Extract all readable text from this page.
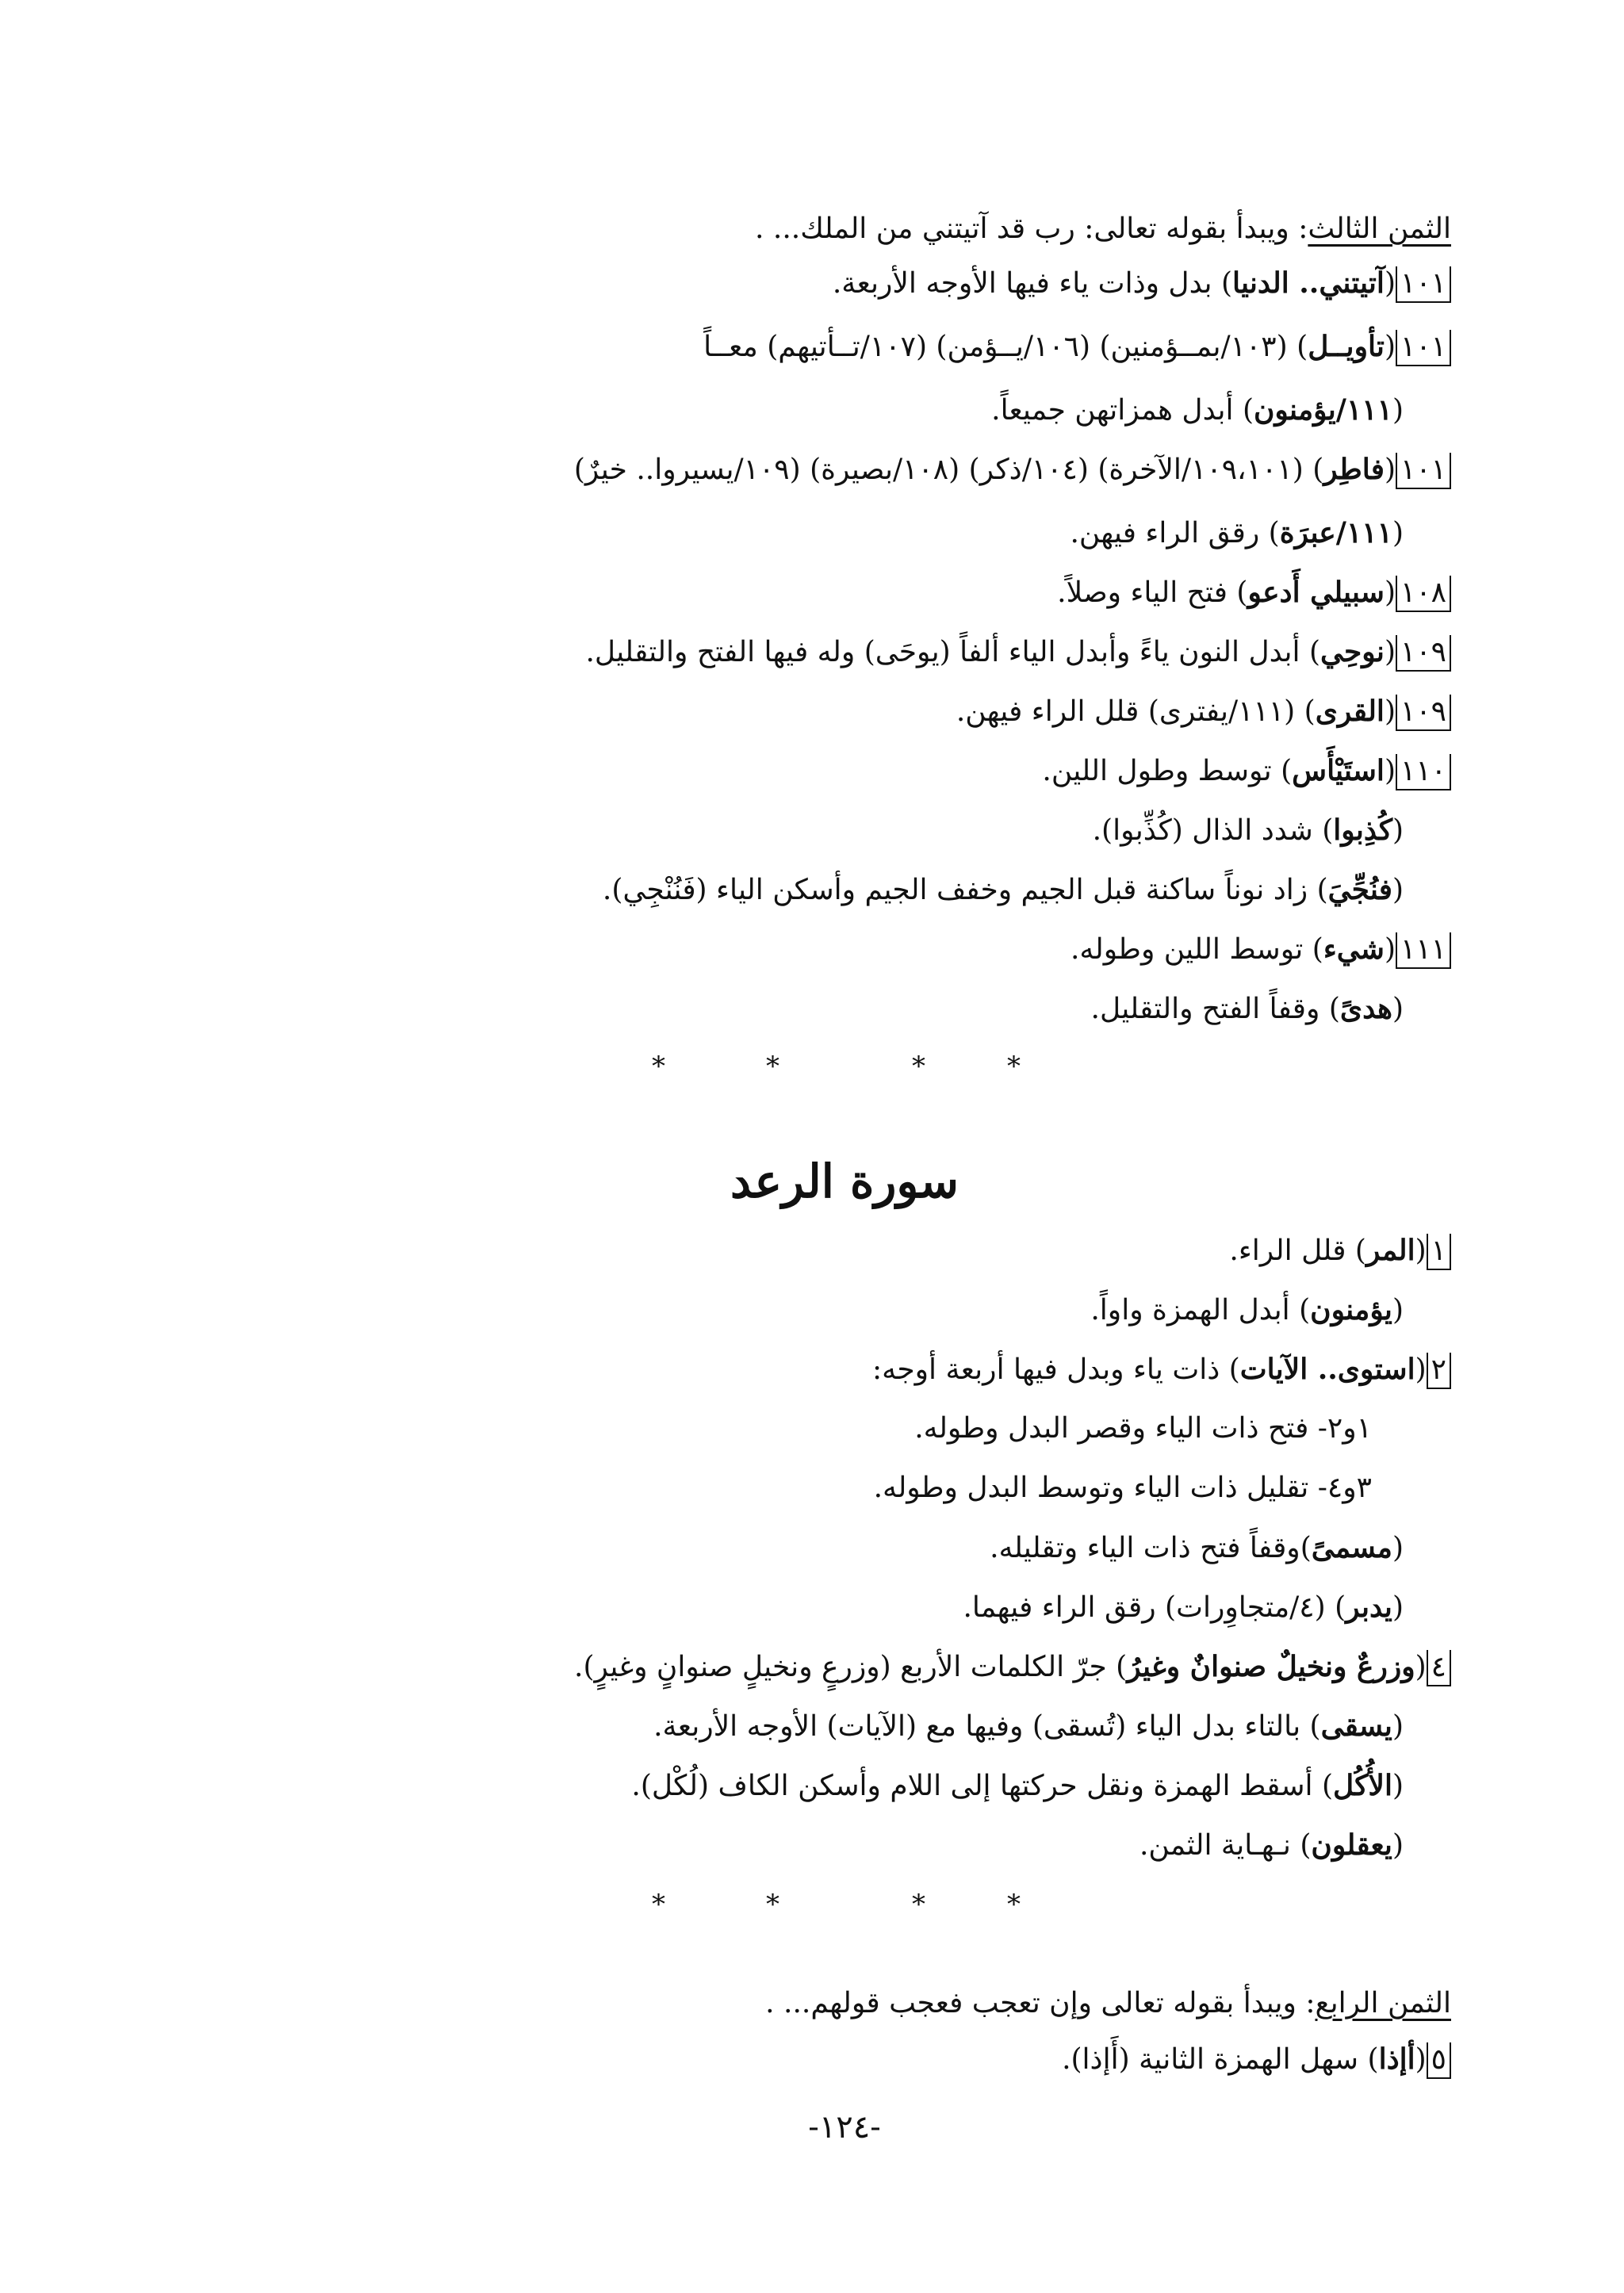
الثمن الثالث: ويبدأ بقوله تعالى: رب قد آتيتني من الملك... .
١٠١(آتيتني.. الدنيا) بدل وذات ياء فيها الأوجه الأربعة.
١٠١(تأويــل) (١٠٣/بمــؤمنين) (١٠٦/يــؤمن) (١٠٧/تــأتيهم) معــاً
(١١١/يؤمنون) أبدل همزاتهن جميعاً.
١٠١(فاطِر) (١٠٩،١٠١/الآخرة) (١٠٤/ذكر) (١٠٨/بصيرة) (١٠٩/يسيروا.. خيرٌ)
(١١١/عبرَة) رقق الراء فيهن.
١٠٨(سبيلي أَدعو) فتح الياء وصلاً.
١٠٩(نوحِي) أبدل النون ياءً وأبدل الياء ألفاً (يوحَى) وله فيها الفتح والتقليل.
١٠٩(القرى) (١١١/يفترى) قلل الراء فيهن.
١١٠(استَيْأَس) توسط وطول اللين.
(كُذِبوا) شدد الذال (كُذِّبوا).
(فنُجِّيَ) زاد نوناً ساكنة قبل الجيم وخفف الجيم وأسكن الياء (فَنُنْجِي).
١١١(شيء) توسط اللين وطوله.
(هدىً) وقفاً الفتح والتقليل.
*	*	*	*
سورة الرعد
١(المر) قلل الراء.
(يؤمنون) أبدل الهمزة واواً.
٢(استوى.. الآيات) ذات ياء وبدل فيها أربعة أوجه:
١و٢- فتح ذات الياء وقصر البدل وطوله.
٣و٤- تقليل ذات الياء وتوسط البدل وطوله.
(مسمىً)وقفاً فتح ذات الياء وتقليله.
(يدبر) (٤/متجاوِرات) رقق الراء فيهما.
٤(وزرعٌ ونخيلٌ صنوانٌ وغيرُ) جرّ الكلمات الأربع (وزرعٍ ونخيلٍ صنوانٍ وغيرٍ).
(يسقى) بالتاء بدل الياء (تُسقى) وفيها مع (الآيات) الأوجه الأربعة.
(الأُكُل) أسقط الهمزة ونقل حركتها إلى اللام وأسكن الكاف (لُكْل).
(يعقلون) نـهـاية الثمن.
*	*	*	*
الثمن الرابع: ويبدأ بقوله تعالى وإن تعجب فعجب قولهم... .
٥(أإذا) سهل الهمزة الثانية (أَإذا).
-١٢٤-
